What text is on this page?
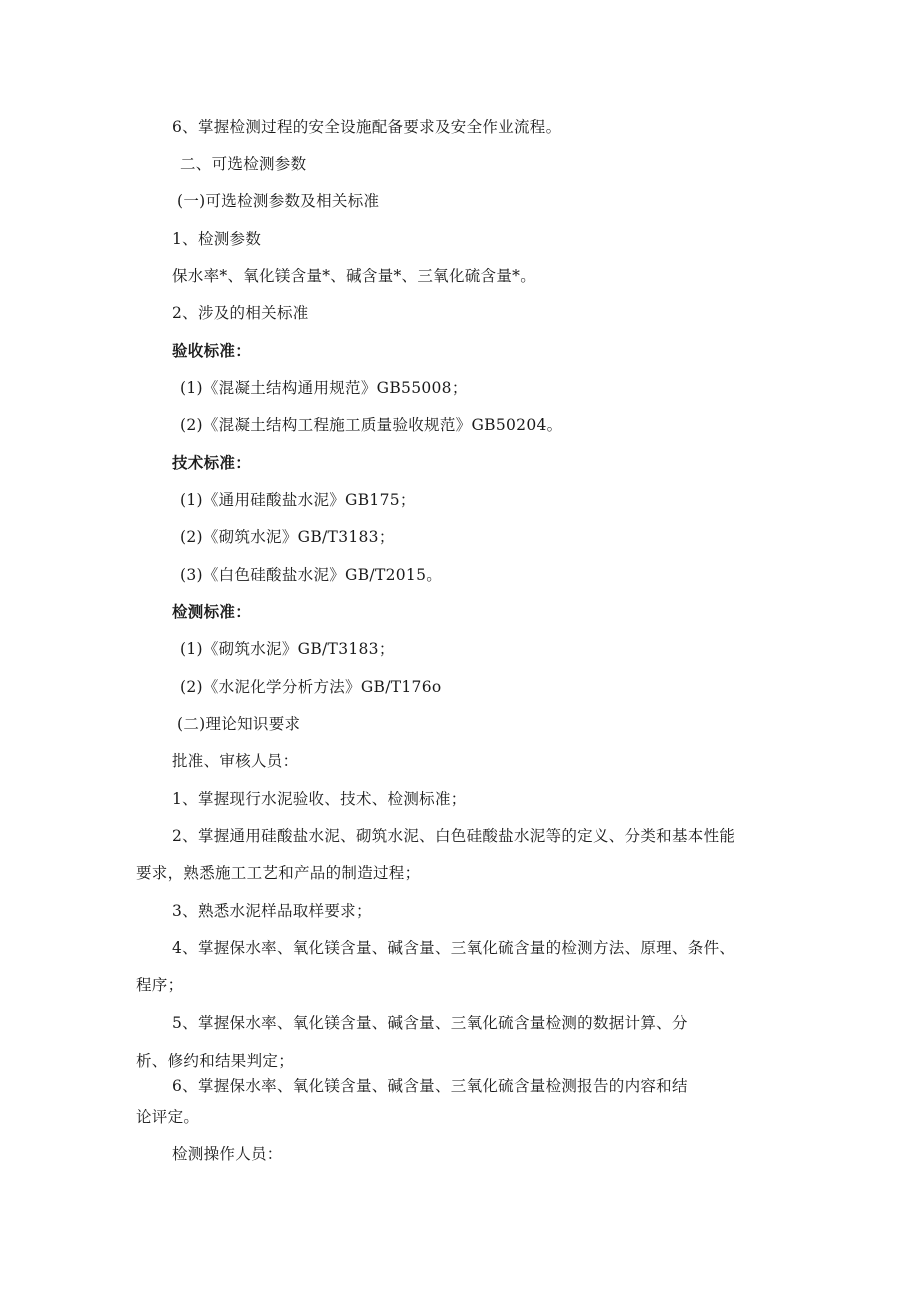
6、掌握检测过程的安全设施配备要求及安全作业流程。
二、可选检测参数
(一)可选检测参数及相关标准
1、检测参数
保水率*、氧化镁含量*、碱含量*、三氧化硫含量*。
2、涉及的相关标准
验收标准：
(1)《混凝土结构通用规范》GB55008；
(2)《混凝土结构工程施工质量验收规范》GB50204。
技术标准：
(1)《通用硅酸盐水泥》GB175；
(2)《砌筑水泥》GB/T3183；
(3)《白色硅酸盐水泥》GB/T2015。
检测标准：
(1)《砌筑水泥》GB/T3183；
(2)《水泥化学分析方法》GB/T176o
(二)理论知识要求
批准、审核人员：
1、掌握现行水泥验收、技术、检测标准；
2、掌握通用硅酸盐水泥、砌筑水泥、白色硅酸盐水泥等的定义、分类和基本性能
要求，熟悉施工工艺和产品的制造过程；
3、熟悉水泥样品取样要求；
4、掌握保水率、氧化镁含量、碱含量、三氧化硫含量的检测方法、原理、条件、
程序；
5、掌握保水率、氧化镁含量、碱含量、三氧化硫含量检测的数据计算、分
析、修约和结果判定；
6、掌握保水率、氧化镁含量、碱含量、三氧化硫含量检测报告的内容和结
论评定。
检测操作人员：
